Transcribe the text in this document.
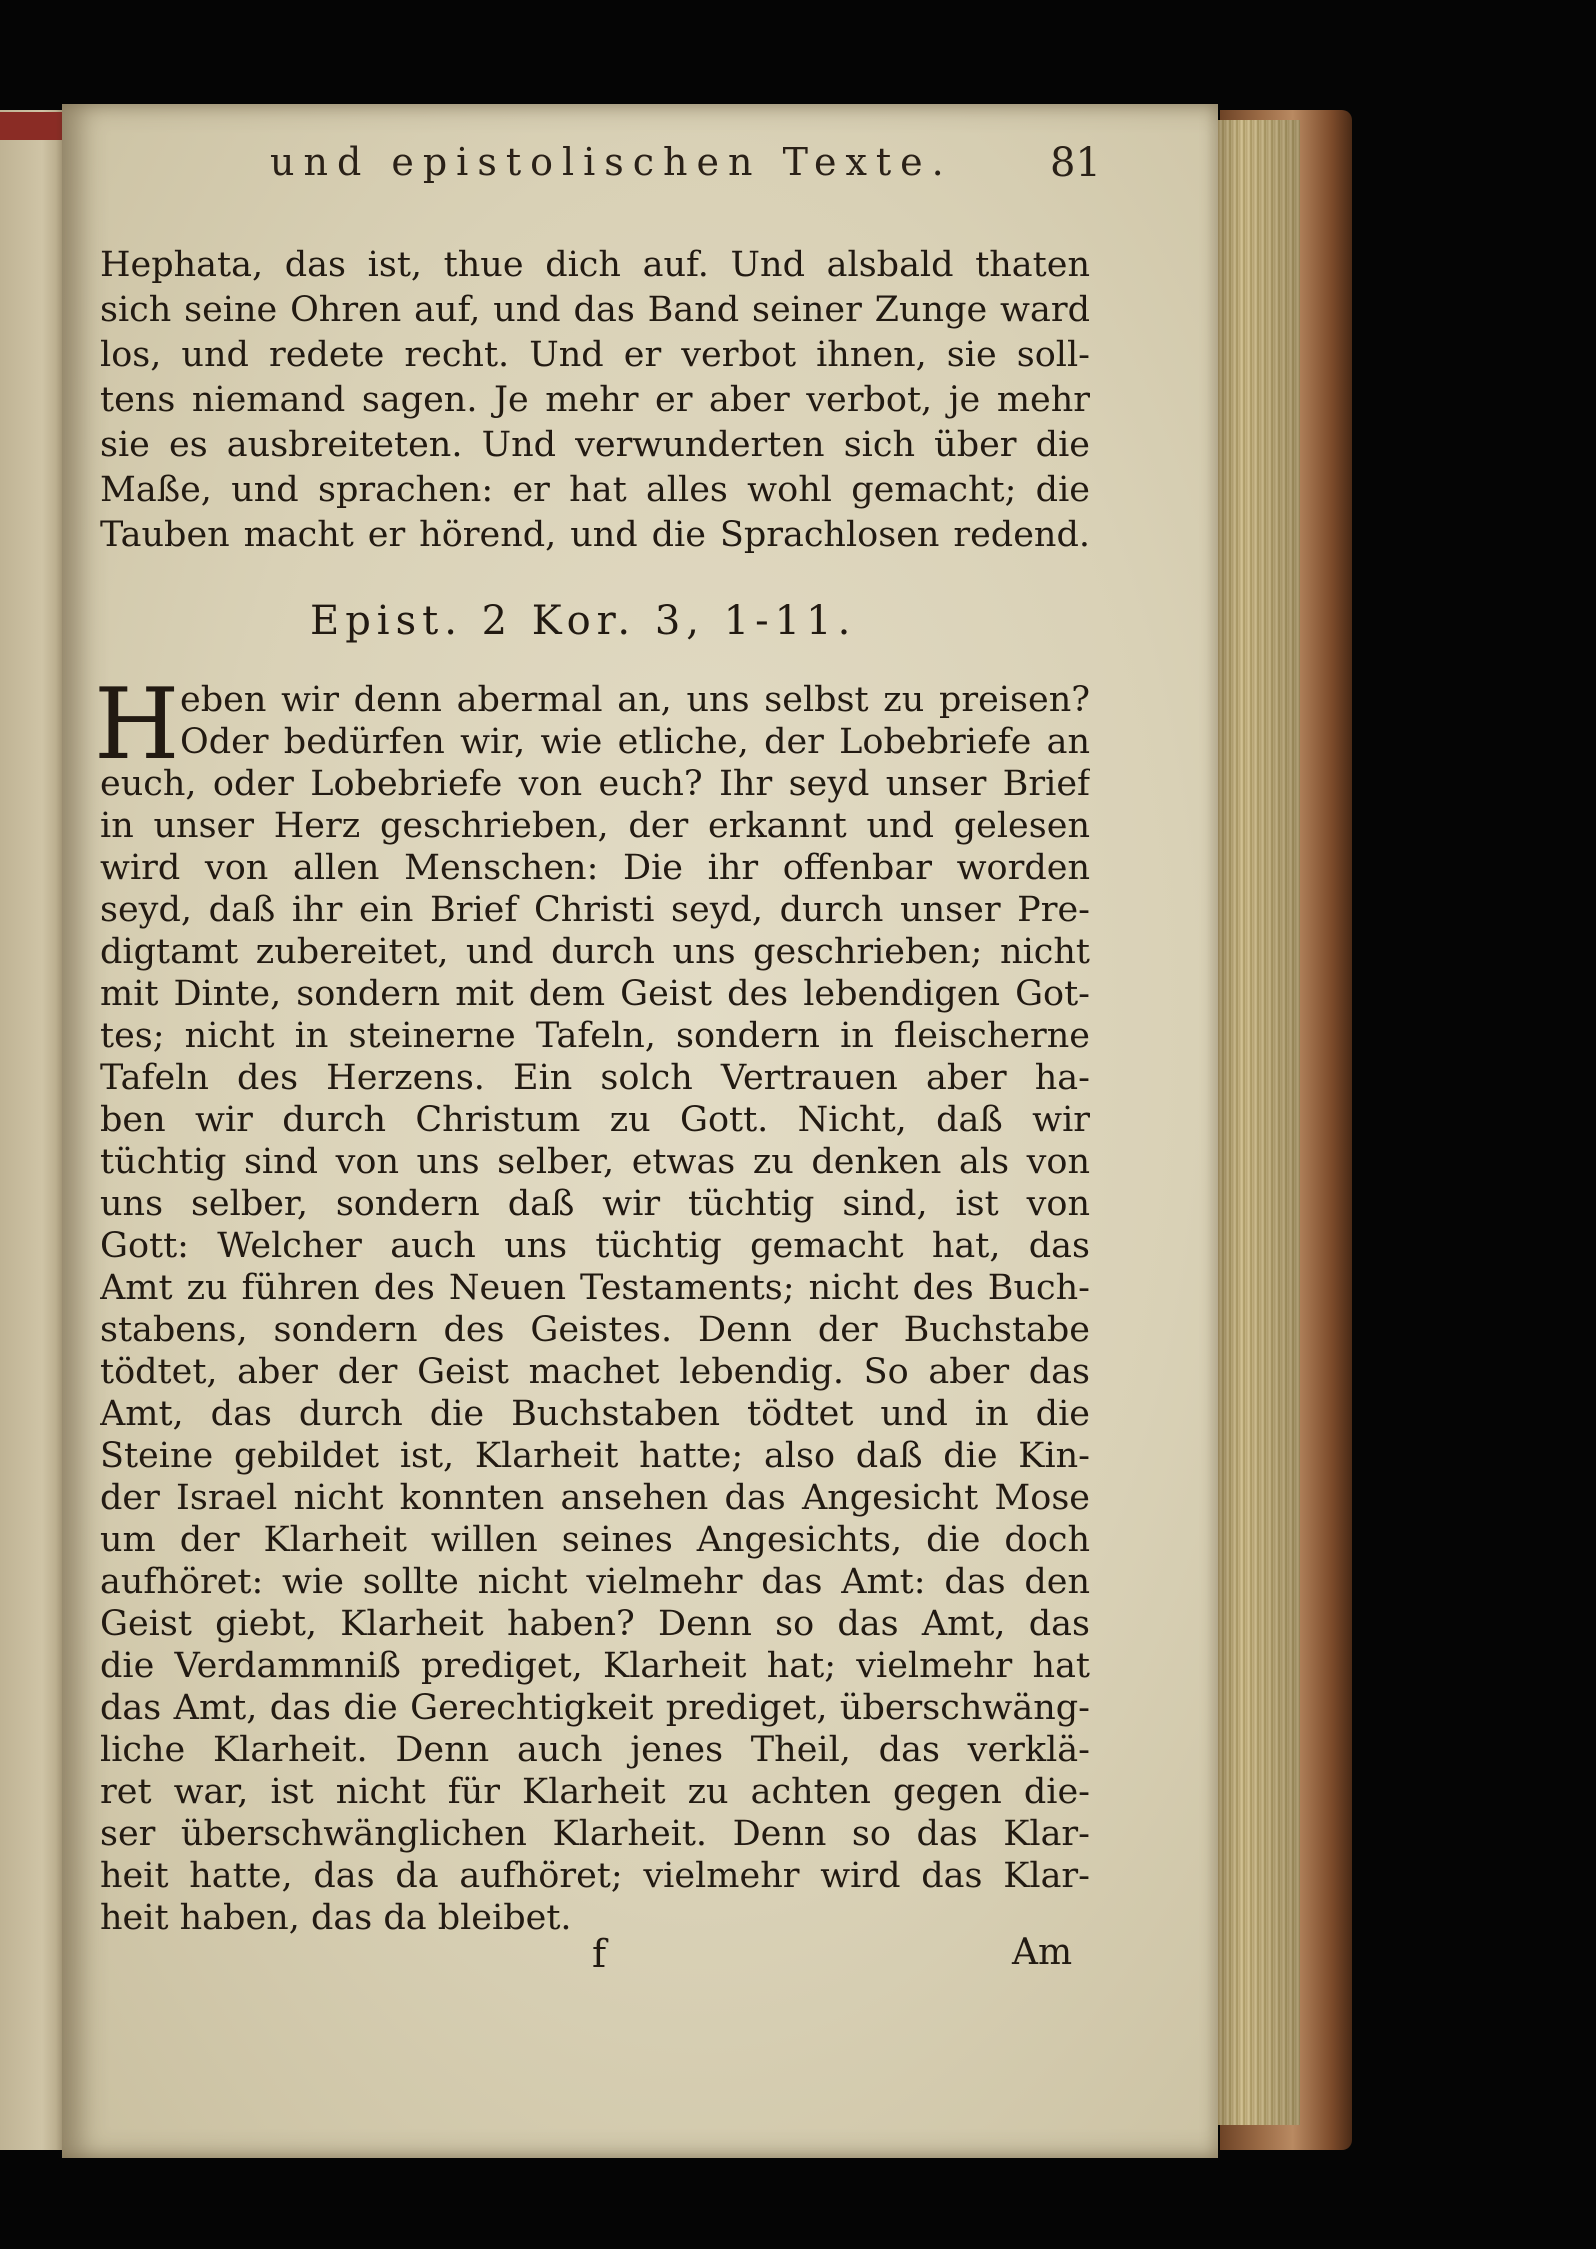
und epistolischen Texte.	81
Hephata, das ist, thue dich auf. Und alsbald thaten
sich seine Ohren auf, und das Band seiner Zunge ward
los, und redete recht. Und er verbot ihnen, sie soll-
tens niemand sagen. Je mehr er aber verbot, je mehr
sie es ausbreiteten. Und verwunderten sich über die
Maße, und sprachen: er hat alles wohl gemacht; die
Tauben macht er hörend, und die Sprachlosen redend.
Epist. 2 Kor. 3, 1-11.
H eben wir denn abermal an, uns selbst zu preisen?
Oder bedürfen wir, wie etliche, der Lobebriefe an
euch, oder Lobebriefe von euch? Ihr seyd unser Brief
in unser Herz geschrieben, der erkannt und gelesen
wird von allen Menschen: Die ihr offenbar worden
seyd, daß ihr ein Brief Christi seyd, durch unser Pre-
digtamt zubereitet, und durch uns geschrieben; nicht
mit Dinte, sondern mit dem Geist des lebendigen Got-
tes; nicht in steinerne Tafeln, sondern in fleischerne
Tafeln des Herzens. Ein solch Vertrauen aber ha-
ben wir durch Christum zu Gott. Nicht, daß wir
tüchtig sind von uns selber, etwas zu denken als von
uns selber, sondern daß wir tüchtig sind, ist von
Gott: Welcher auch uns tüchtig gemacht hat, das
Amt zu führen des Neuen Testaments; nicht des Buch-
stabens, sondern des Geistes. Denn der Buchstabe
tödtet, aber der Geist machet lebendig. So aber das
Amt, das durch die Buchstaben tödtet und in die
Steine gebildet ist, Klarheit hatte; also daß die Kin-
der Israel nicht konnten ansehen das Angesicht Mose
um der Klarheit willen seines Angesichts, die doch
aufhöret: wie sollte nicht vielmehr das Amt: das den
Geist giebt, Klarheit haben? Denn so das Amt, das
die Verdammniß prediget, Klarheit hat; vielmehr hat
das Amt, das die Gerechtigkeit prediget, überschwäng-
liche Klarheit. Denn auch jenes Theil, das verklä-
ret war, ist nicht für Klarheit zu achten gegen die-
ser überschwänglichen Klarheit. Denn so das Klar-
heit hatte, das da aufhöret; vielmehr wird das Klar-
heit haben, das da bleibet.
f	Am
